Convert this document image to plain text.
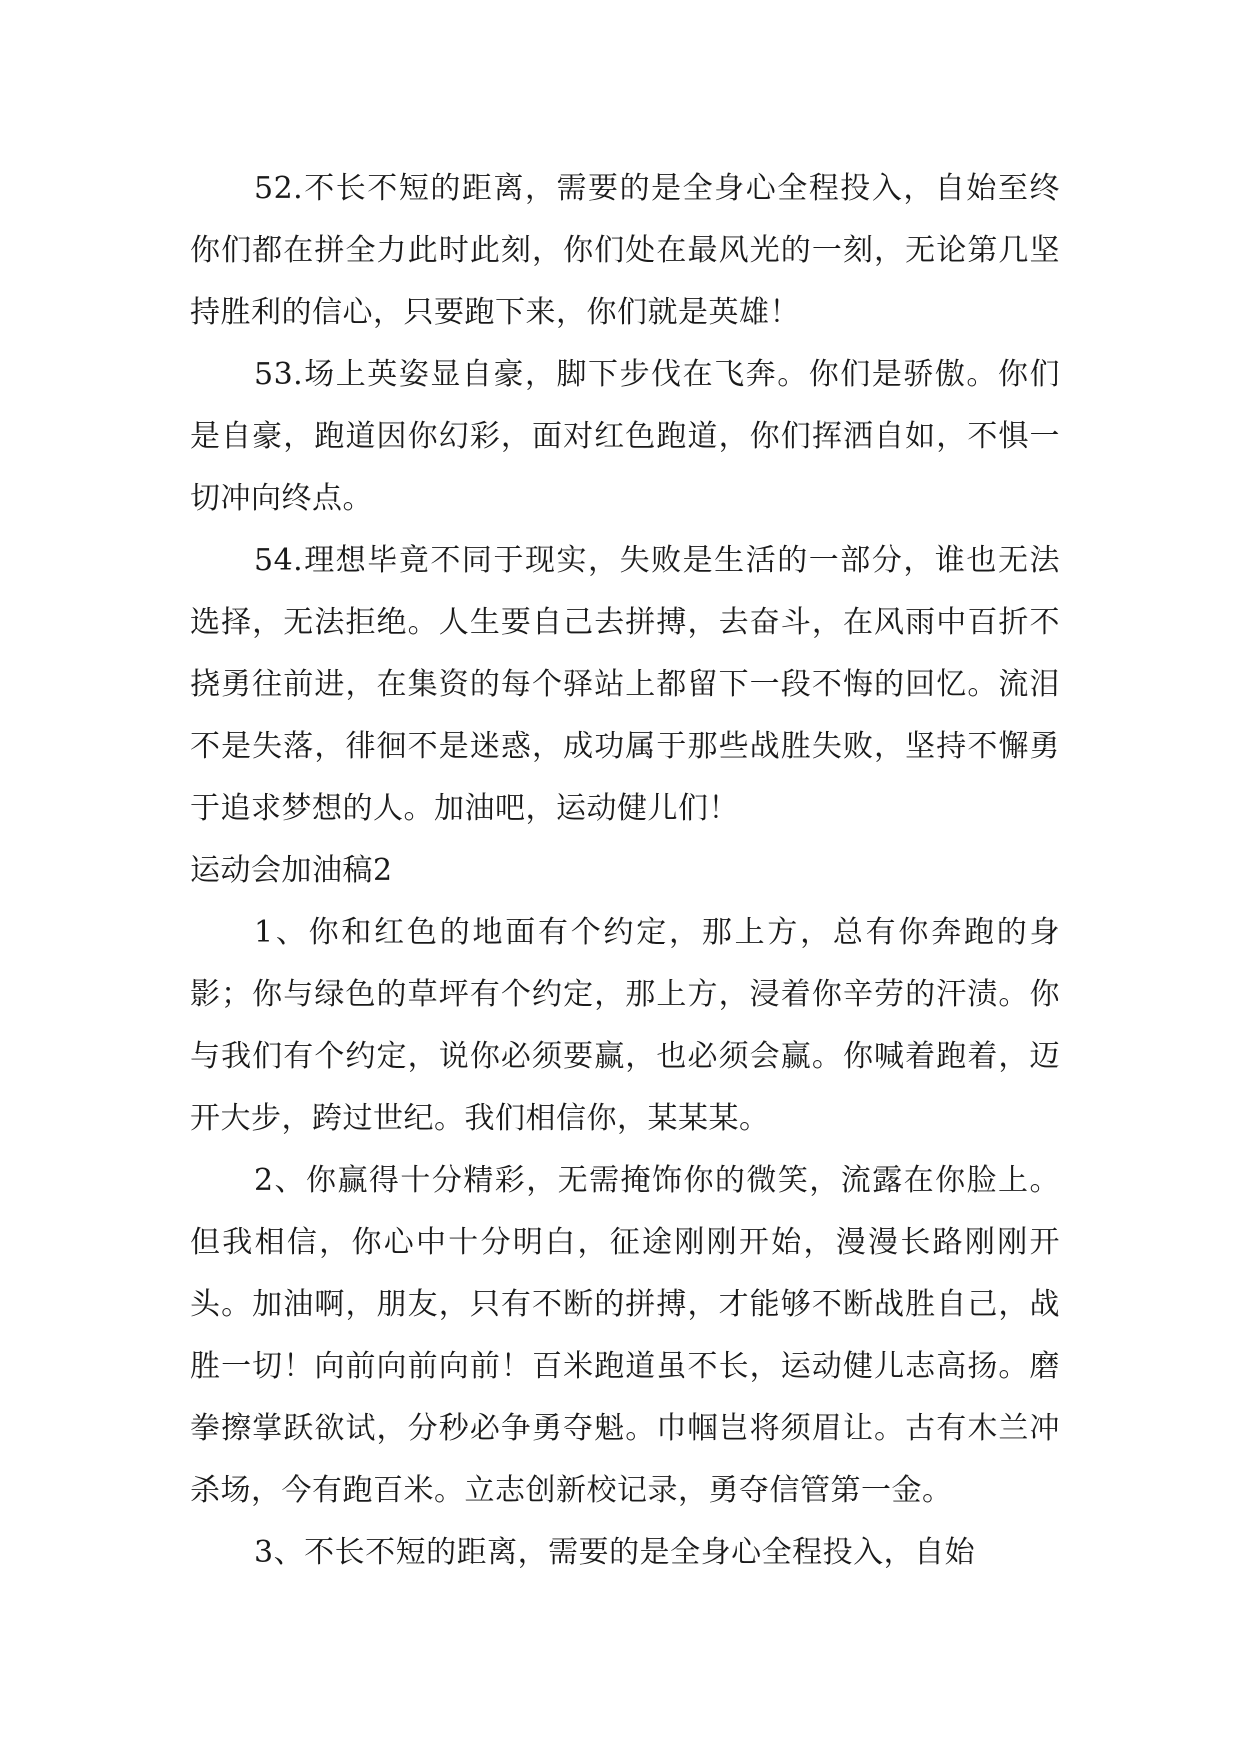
52.不长不短的距离，需要的是全身心全程投入，自始至终你们都在拼全力此时此刻，你们处在最风光的一刻，无论第几坚持胜利的信心，只要跑下来，你们就是英雄！

53.场上英姿显自豪，脚下步伐在飞奔。你们是骄傲。你们是自豪，跑道因你幻彩，面对红色跑道，你们挥洒自如，不惧一切冲向终点。

54.理想毕竟不同于现实，失败是生活的一部分，谁也无法选择，无法拒绝。人生要自己去拼搏，去奋斗，在风雨中百折不挠勇往前进，在集资的每个驿站上都留下一段不悔的回忆。流泪不是失落，徘徊不是迷惑，成功属于那些战胜失败，坚持不懈勇于追求梦想的人。加油吧，运动健儿们！

运动会加油稿2

1、你和红色的地面有个约定，那上方，总有你奔跑的身影；你与绿色的草坪有个约定，那上方，浸着你辛劳的汗渍。你与我们有个约定，说你必须要赢，也必须会赢。你喊着跑着，迈开大步，跨过世纪。我们相信你，某某某。

2、你赢得十分精彩，无需掩饰你的微笑，流露在你脸上。但我相信，你心中十分明白，征途刚刚开始，漫漫长路刚刚开头。加油啊，朋友，只有不断的拼搏，才能够不断战胜自己，战胜一切！向前向前向前！百米跑道虽不长，运动健儿志高扬。磨拳擦掌跃欲试，分秒必争勇夺魁。巾帼岂将须眉让。古有木兰冲杀场，今有跑百米。立志创新校记录，勇夺信管第一金。

3、不长不短的距离，需要的是全身心全程投入，自始
